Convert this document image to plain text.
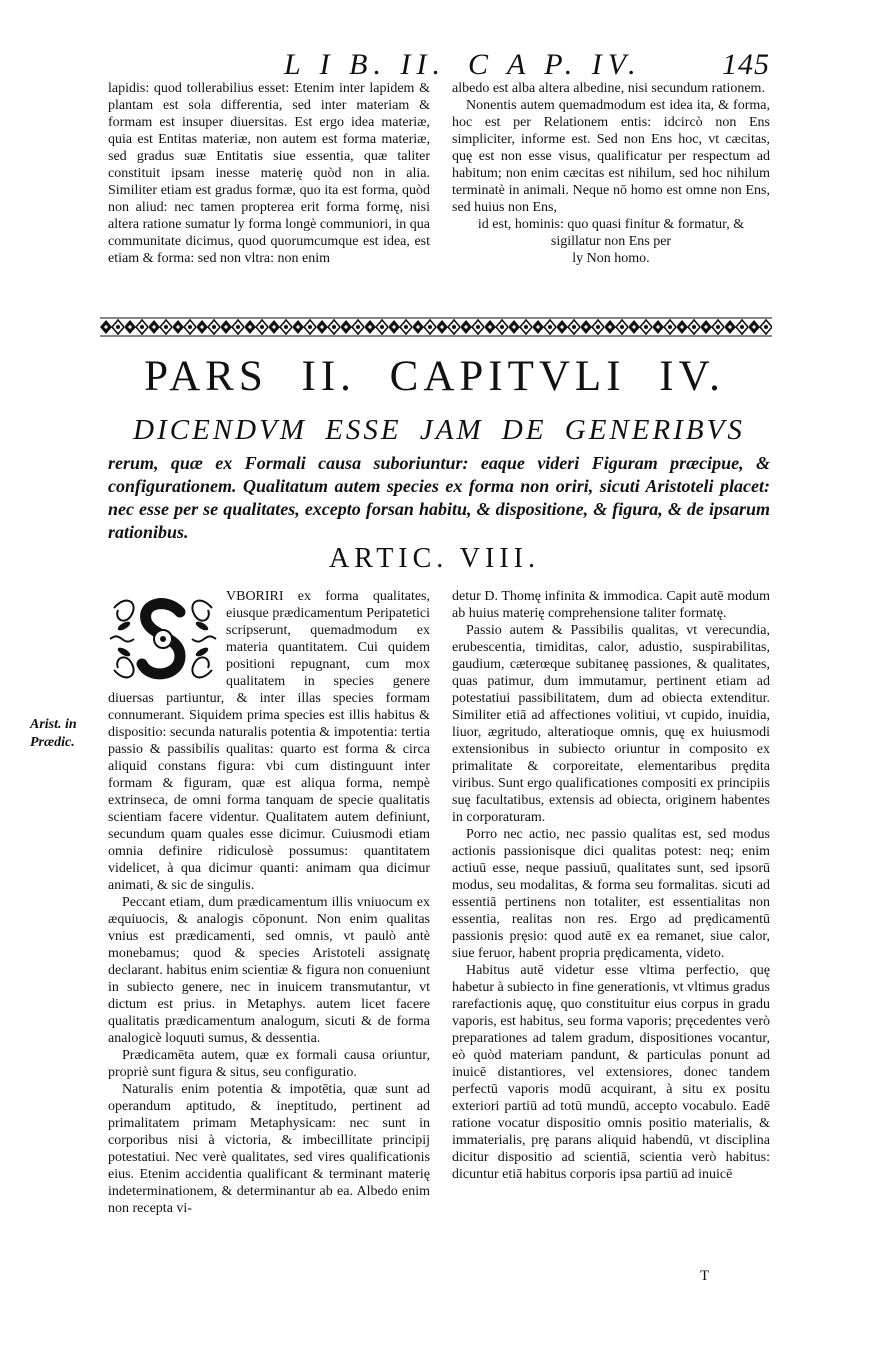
L I B. II. C A P. IV.	145

lapidis: quod tollerabilius esset: Etenim inter lapidem & plantam est sola differentia, sed inter materiam & formam est insuper diuersitas. Est ergo idea materiæ, quia est Entitas materiæ, non autem est forma materiæ, sed gradus suæ Entitatis siue essentia, quæ taliter constituit ipsam inesse materię quòd non in alia. Similiter etiam est gradus formæ, quo ita est forma, quòd non aliud: nec tamen propterea erit forma formę, nisi altera ratione sumatur ly forma longè communiori, in qua communitate dicimus, quod quorumcumque est idea, est etiam & forma: sed non vltra: non enim

albedo est alba altera albedine, nisi secundum rationem.

Nonentis autem quemadmodum est idea ita, & forma, hoc est per Relationem entis: idcircò non Ens simpliciter, informe est. Sed non Ens hoc, vt cæcitas, quę est non esse visus, qualificatur per respectum ad habitum; non enim cæcitas est nihilum, sed hoc nihilum terminatè in animali. Neque nō homo est omne non Ens, sed huius non Ens,

id est, hominis: quo quasi finitur & formatur, & sigillatur non Ens per

ly Non homo.

PARS II. CAPITVLI IV.
DICENDVM ESSE JAM DE GENERIBVS
rerum, quæ ex Formali causa suboriuntur: eaque videri Figuram præcipue, & configurationem. Qualitatum autem species ex forma non oriri, sicuti Aristoteli placet: nec esse per se qualitates, excepto forsan habitu, & dispositione, & figura, & de ipsarum rationibus.
ARTIC. VIII.
Arist. in Prædic.

VBORIRI ex forma qualitates, eiusque prædicamentum Peripatetici scripserunt, quemadmodum ex materia quantitatem. Cui quidem positioni repugnant, cum mox qualitatem in species genere diuersas partiuntur, & inter illas species formam connumerant. Siquidem prima species est illis habitus & dispositio: secunda naturalis potentia & impotentia: tertia passio & passibilis qualitas: quarto est forma & circa aliquid constans figura: vbi cum distinguunt inter formam & figuram, quæ est aliqua forma, nempè extrinseca, de omni forma tanquam de specie qualitatis scientiam facere videntur. Qualitatem autem definiunt, secundum quam quales esse dicimur. Cuiusmodi etiam omnia definire ridiculosè possumus: quantitatem videlicet, à qua dicimur quanti: animam qua dicimur animati, & sic de singulis.

Peccant etiam, dum prædicamentum illis vniuocum ex æquiuocis, & analogis cōponunt. Non enim qualitas vnius est prædicamenti, sed omnis, vt paulò antè monebamus; quod & species Aristoteli assignatę declarant. habitus enim scientiæ & figura non conueniunt in subiecto genere, nec in inuicem transmutantur, vt dictum est prius. in Metaphys. autem licet facere qualitatis prædicamentum analogum, sicuti & de forma analogicè loquuti sumus, & dessentia.

Prædicamēta autem, quæ ex formali causa oriuntur, propriè sunt figura & situs, seu configuratio.

Naturalis enim potentia & impotētia, quæ sunt ad operandum aptitudo, & ineptitudo, pertinent ad primalitatem primam Metaphysicam: nec sunt in corporibus nisi à victoria, & imbecillitate principij potestatiui. Nec verè qualitates, sed vires qualificationis eius. Etenim accidentia qualificant & terminant materię indeterminationem, & determinantur ab ea. Albedo enim non recepta vi-

detur D. Thomę infinita & immodica. Capit autē modum ab huius materię comprehensione taliter formatę.

Passio autem & Passibilis qualitas, vt verecundia, erubescentia, timiditas, calor, adustio, suspirabilitas, gaudium, cæterœque subitaneę passiones, & qualitates, quas patimur, dum immutamur, pertinent etiam ad potestatiui passibilitatem, dum ad obiecta extenditur. Similiter etiā ad affectiones volitiui, vt cupido, inuidia, liuor, ægritudo, alteratioque omnis, quę ex huiusmodi extensionibus in subiecto oriuntur in composito ex primalitate & corporeitate, elementaribus prędita viribus. Sunt ergo qualificationes compositi ex principiis suę facultatibus, extensis ad obiecta, originem habentes in corporaturam.

Porro nec actio, nec passio qualitas est, sed modus actionis passionisque dici qualitas potest: neq; enim actiuū esse, neque passiuū, qualitates sunt, sed ipsorū modus, seu modalitas, & forma seu formalitas. sicuti ad essentiā pertinens non totaliter, est essentialitas non essentia, realitas non res. Ergo ad prędicamentū passionis pręsio: quod autē ex ea remanet, siue calor, siue feruor, habent propria prędicamenta, videto.

Habitus autē videtur esse vltima perfectio, quę habetur à subiecto in fine generationis, vt vltimus gradus rarefactionis aquę, quo constituitur eius corpus in gradu vaporis, est habitus, seu forma vaporis; pręcedentes verò preparationes ad talem gradum, dispositiones vocantur, eò quòd materiam pandunt, & particulas ponunt ad inuicē distantiores, vel extensiores, donec tandem perfectū vaporis modū acquirant, à situ ex positu exteriori partiū ad totū mundū, accepto vocabulo. Eadē ratione vocatur dispositio omnis positio materialis, & immaterialis, prę parans aliquid habendū, vt disciplina dicitur dispositio ad scientiā, scientia verò habitus: dicuntur etiā habitus corporis ipsa partiū ad inuicē

T
